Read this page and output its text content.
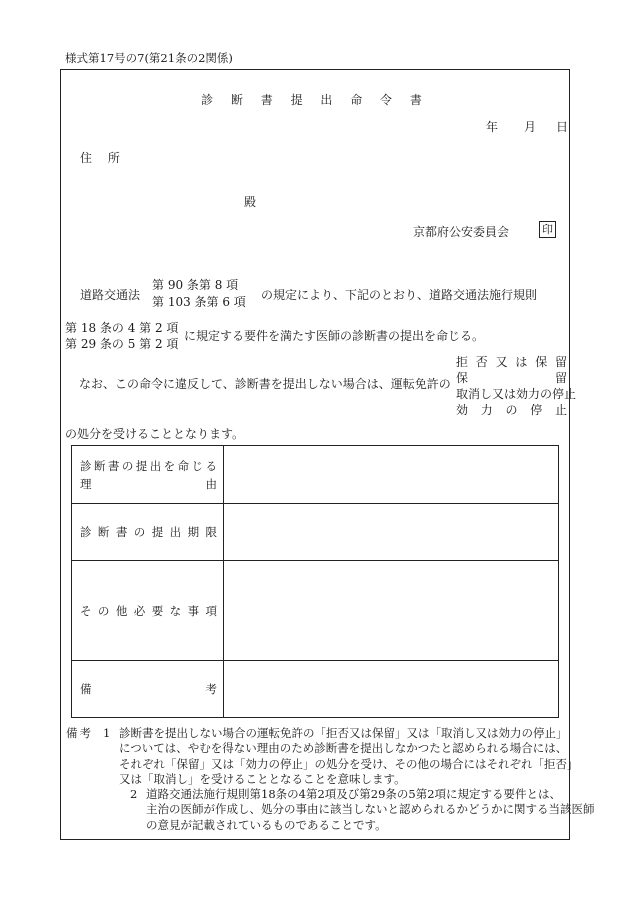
様式第17号の7(第21条の2関係)
診 断 書 提 出 命 令 書
年 月 日
住 所
殿
京都府公安委員会	印
道路交通法
第 90 条第 8 項
第 103 条第 6 項 の規定により、下記のとおり、道路交通法施行規則
第 18 条の 4 第 2 項
第 29 条の 5 第 2 項
に規定する要件を満たす医師の診断書の提出を命じる。
なお、この命令に違反して、診断書を提出しない場合は、運転免許の
拒否又は保留
保留
取消し又は効力の停止
効力の停止
の処分を受けることとなります。
診断書の提出を命じる
理 由	

診断書の提出期限	

その他必要な事項	

備 考	

備考 1 診断書を提出しない場合の運転免許の「拒否又は保留」又は「取消し又は効力の停止」
については、やむを得ない理由のため診断書を提出しなかつたと認められる場合には、
それぞれ「保留」又は「効力の停止」の処分を受け、その他の場合にはそれぞれ「拒否」
又は「取消し」を受けることとなることを意味します。
2 道路交通法施行規則第18条の4第2項及び第29条の5第2項に規定する要件とは、
主治の医師が作成し、処分の事由に該当しないと認められるかどうかに関する当該医師
の意見が記載されているものであることです。
